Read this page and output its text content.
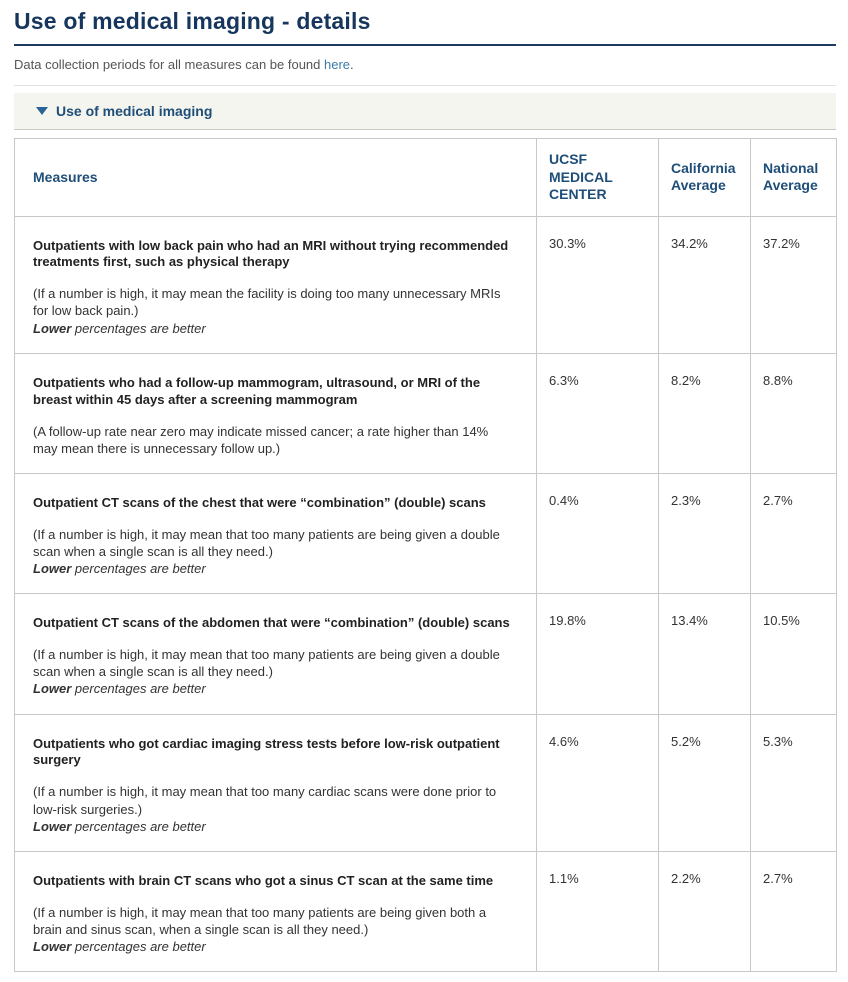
Use of medical imaging - details
Data collection periods for all measures can be found here.
Use of medical imaging
Measures	UCSF MEDICAL CENTER	California Average	National Average

Outpatients with low back pain who had an MRI without trying recommended treatments first, such as physical therapy

(If a number is high, it may mean the facility is doing too many unnecessary MRIs for low back pain.)

Lower percentages are better	30.3%	34.2%	37.2%

Outpatients who had a follow-up mammogram, ultrasound, or MRI of the breast within 45 days after a screening mammogram

(A follow-up rate near zero may indicate missed cancer; a rate higher than 14% may mean there is unnecessary follow up.)	6.3%	8.2%	8.8%

Outpatient CT scans of the chest that were “combination” (double) scans

(If a number is high, it may mean that too many patients are being given a double scan when a single scan is all they need.)

Lower percentages are better	0.4%	2.3%	2.7%

Outpatient CT scans of the abdomen that were “combination” (double) scans

(If a number is high, it may mean that too many patients are being given a double scan when a single scan is all they need.)

Lower percentages are better	19.8%	13.4%	10.5%

Outpatients who got cardiac imaging stress tests before low-risk outpatient surgery

(If a number is high, it may mean that too many cardiac scans were done prior to low-risk surgeries.)

Lower percentages are better	4.6%	5.2%	5.3%

Outpatients with brain CT scans who got a sinus CT scan at the same time

(If a number is high, it may mean that too many patients are being given both a brain and sinus scan, when a single scan is all they need.)

Lower percentages are better	1.1%	2.2%	2.7%
